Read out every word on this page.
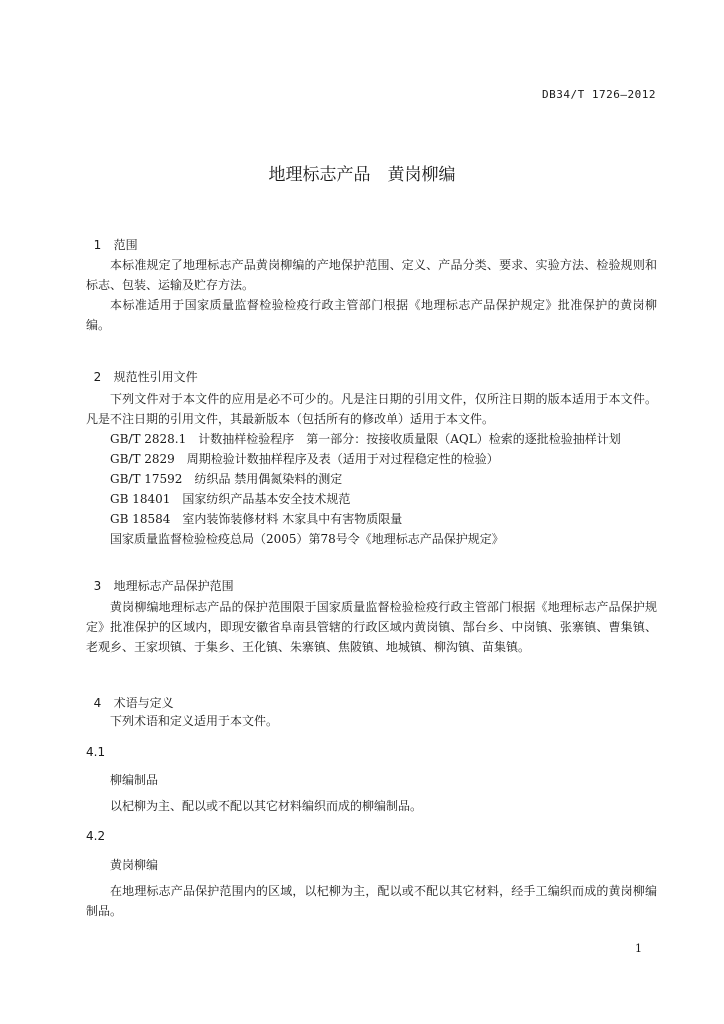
DB34/T 1726—2012
地理标志产品　黄岗柳编

1 范围

本标准规定了地理标志产品黄岗柳编的产地保护范围、定义、产品分类、要求、实验方法、检验规则和标志、包装、运输及贮存方法。
本标准适用于国家质量监督检验检疫行政主管部门根据《地理标志产品保护规定》批准保护的黄岗柳编。

2 规范性引用文件

下列文件对于本文件的应用是必不可少的。凡是注日期的引用文件，仅所注日期的版本适用于本文件。凡是不注日期的引用文件，其最新版本（包括所有的修改单）适用于本文件。
GB/T 2828.1　计数抽样检验程序　第一部分：按接收质量限（AQL）检索的逐批检验抽样计划
GB/T 2829　周期检验计数抽样程序及表（适用于对过程稳定性的检验）
GB/T 17592　纺织品 禁用偶氮染料的测定
GB 18401　国家纺织产品基本安全技术规范
GB 18584　室内装饰装修材料 木家具中有害物质限量
国家质量监督检验检疫总局（2005）第78号令《地理标志产品保护规定》

3 地理标志产品保护范围

黄岗柳编地理标志产品的保护范围限于国家质量监督检验检疫行政主管部门根据《地理标志产品保护规定》批准保护的区域内，即现安徽省阜南县管辖的行政区域内黄岗镇、郜台乡、中岗镇、张寨镇、曹集镇、老观乡、王家坝镇、于集乡、王化镇、朱寨镇、焦陂镇、地城镇、柳沟镇、苗集镇。

4 术语与定义

下列术语和定义适用于本文件。
4.1
柳编制品
以杞柳为主、配以或不配以其它材料编织而成的柳编制品。
4.2
黄岗柳编
在地理标志产品保护范围内的区域，以杞柳为主，配以或不配以其它材料，经手工编织而成的黄岗柳编制品。
1
